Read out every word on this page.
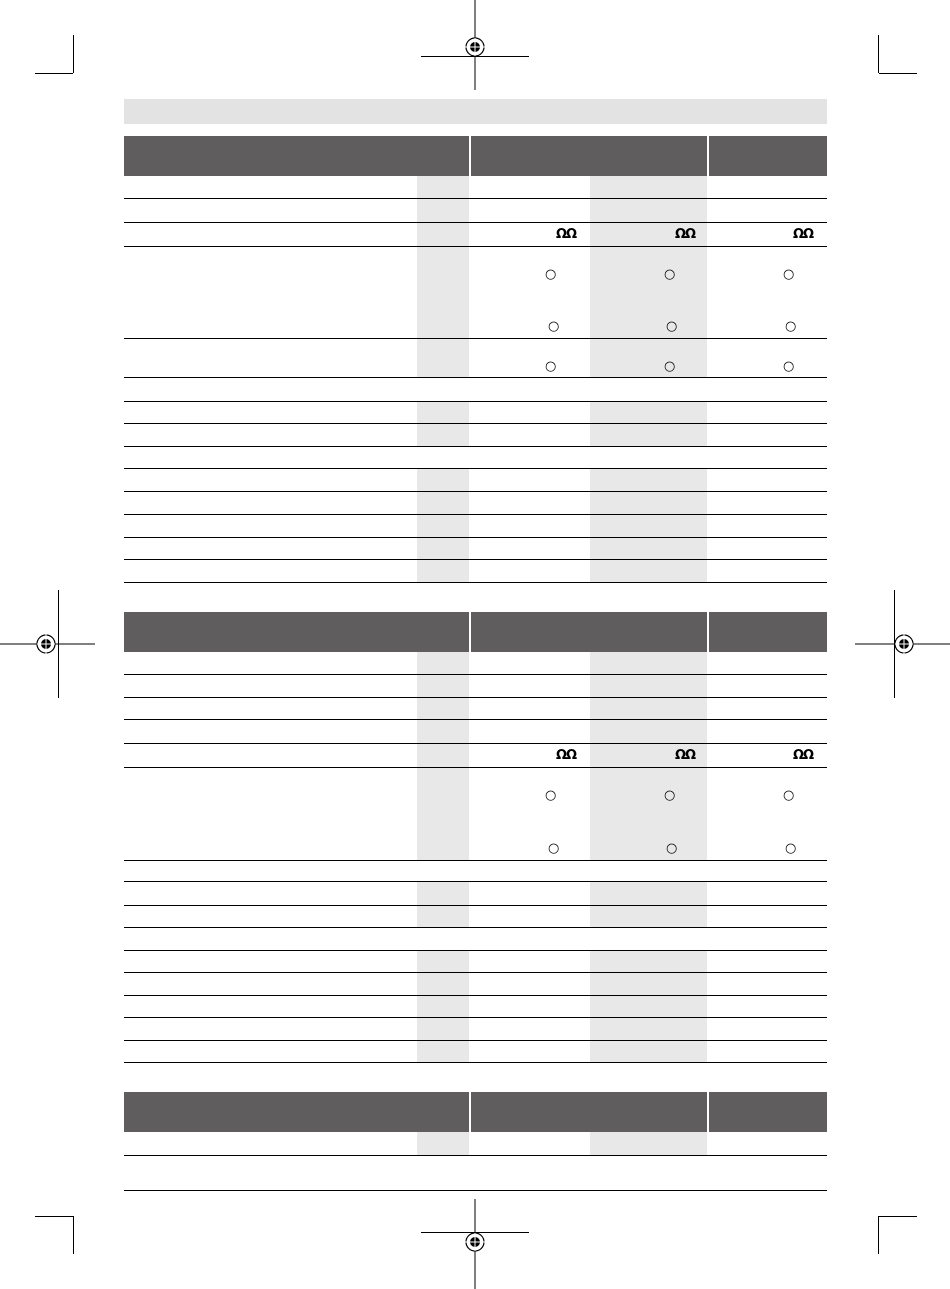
ΩΩ	ΩΩ	ΩΩ
○	○	○
○	○	○
○	○	○
ΩΩ	ΩΩ	ΩΩ
○	○	○
○	○	○
